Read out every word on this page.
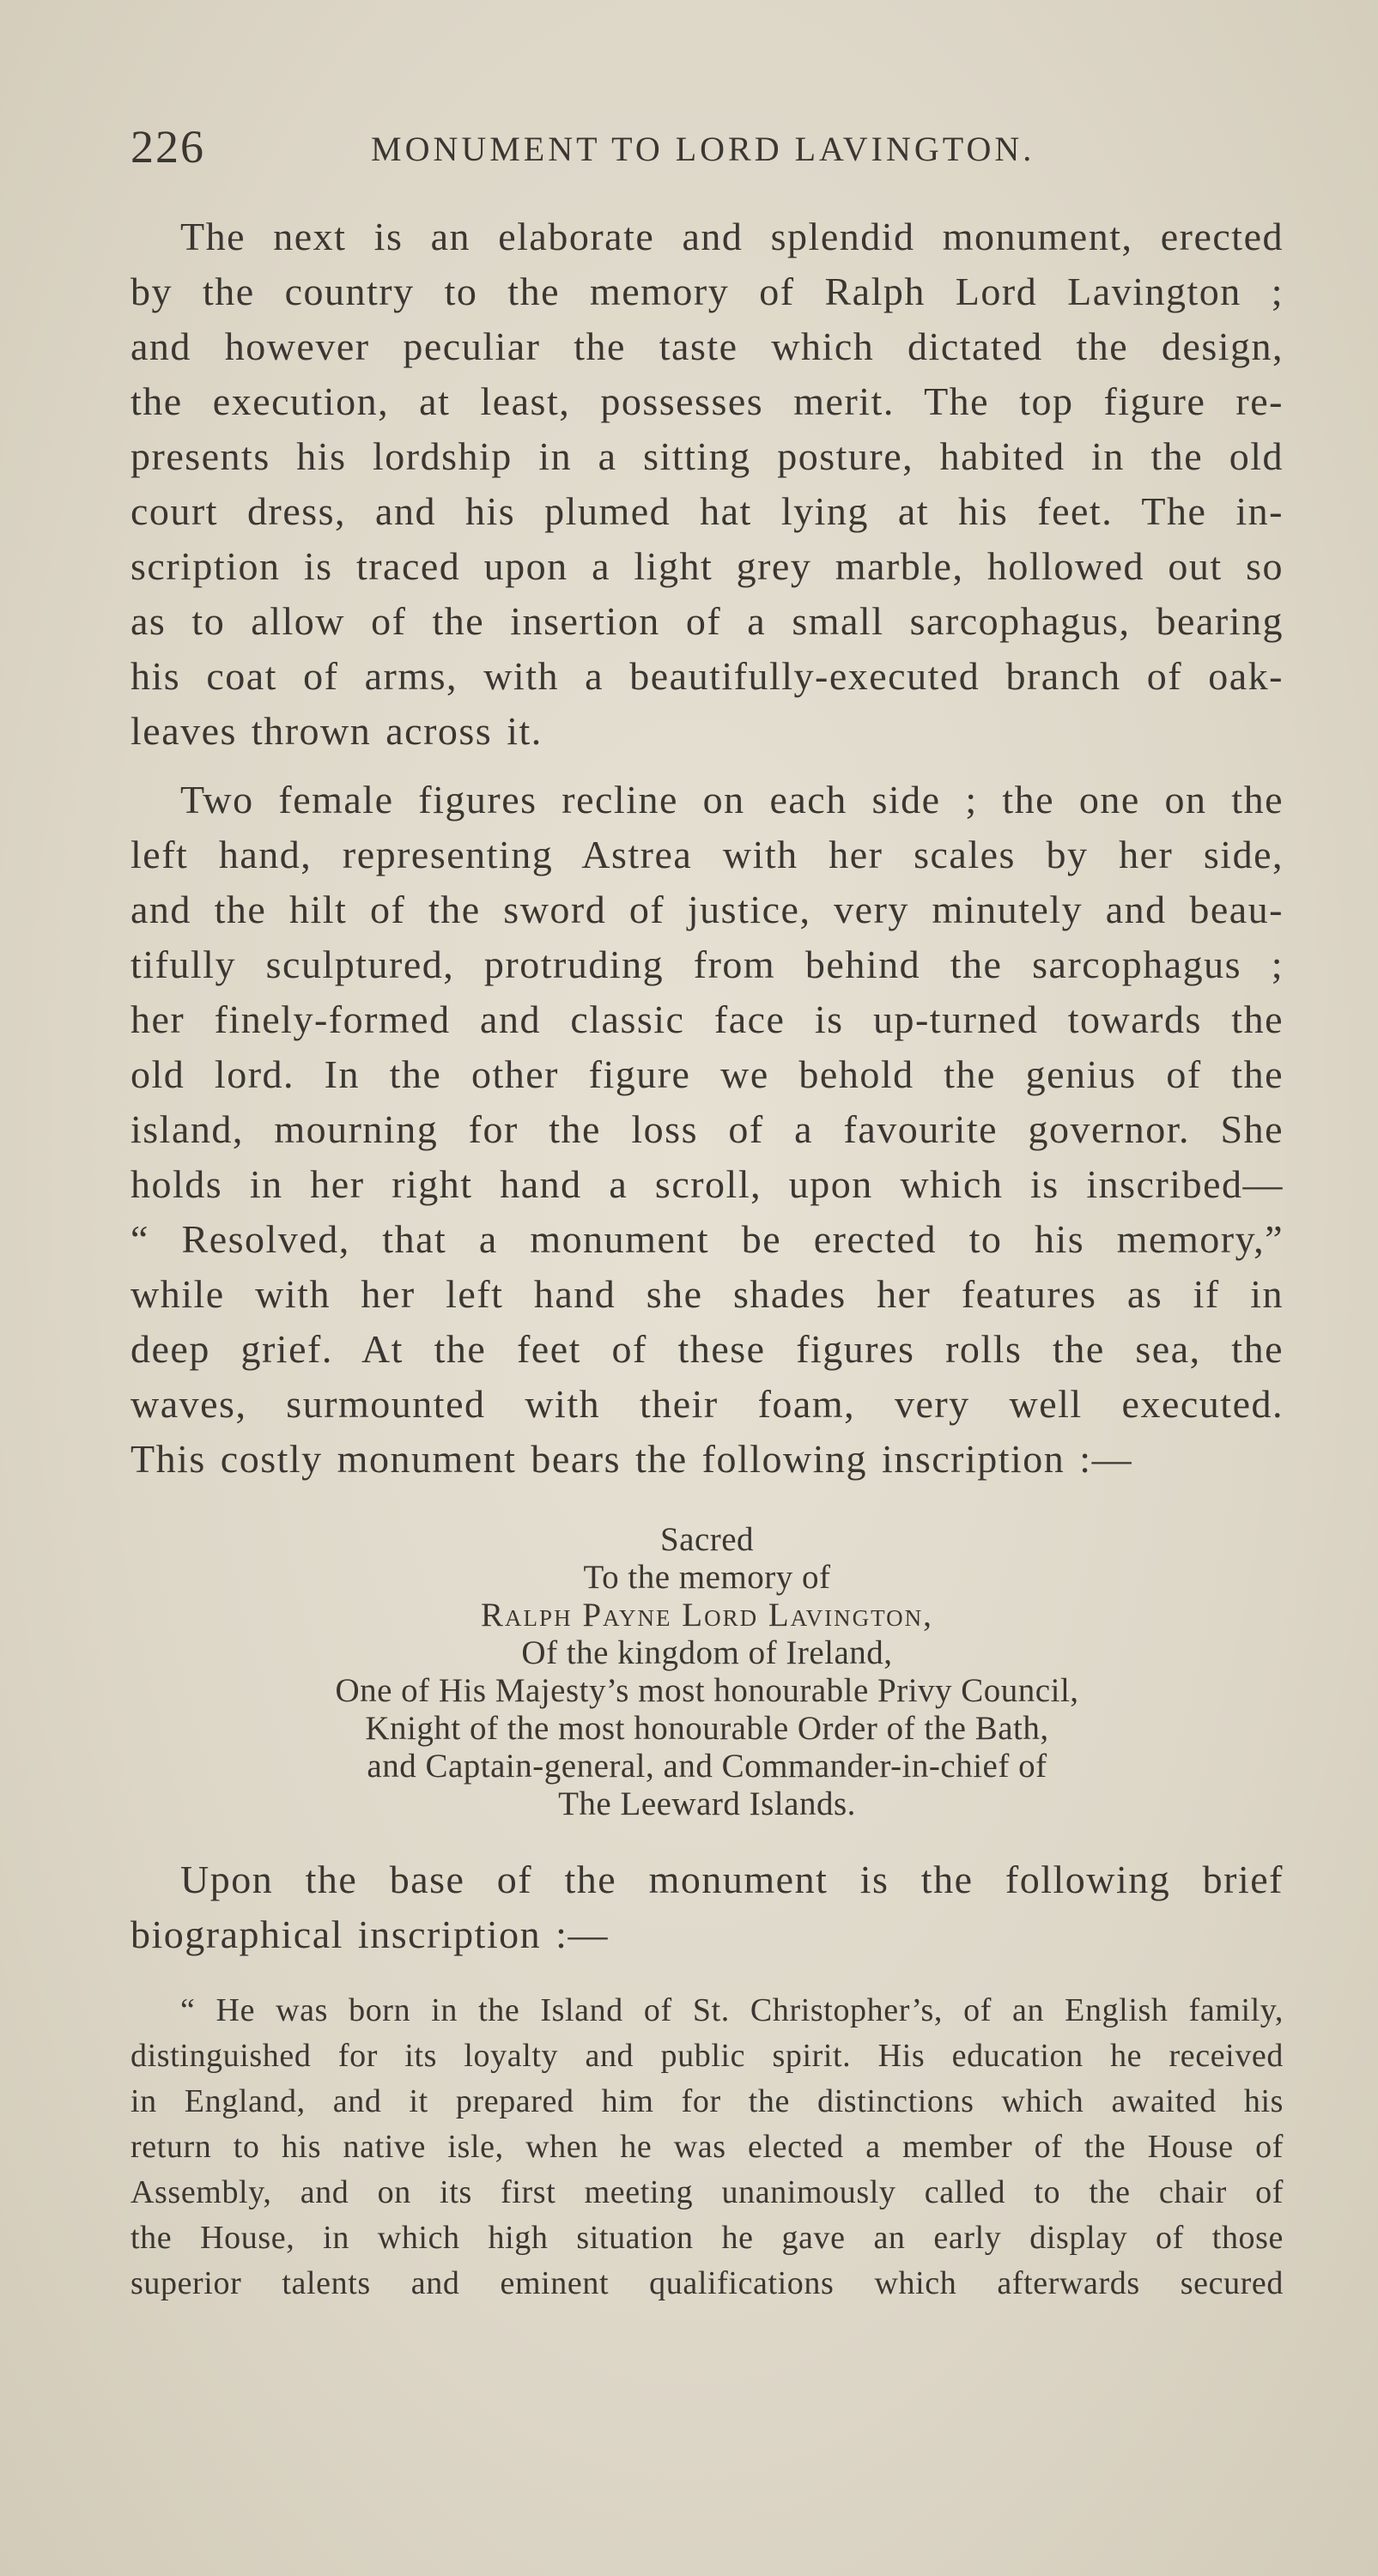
226	MONUMENT TO LORD LAVINGTON.
The next is an elaborate and splendid monument, erected
by the country to the memory of Ralph Lord Lavington ;
and however peculiar the taste which dictated the design,
the execution, at least, possesses merit. The top figure re-
presents his lordship in a sitting posture, habited in the old
court dress, and his plumed hat lying at his feet. The in-
scription is traced upon a light grey marble, hollowed out so
as to allow of the insertion of a small sarcophagus, bearing
his coat of arms, with a beautifully-executed branch of oak-
leaves thrown across it.
Two female figures recline on each side ; the one on the
left hand, representing Astrea with her scales by her side,
and the hilt of the sword of justice, very minutely and beau-
tifully sculptured, protruding from behind the sarcophagus ;
her finely-formed and classic face is up-turned towards the
old lord. In the other figure we behold the genius of the
island, mourning for the loss of a favourite governor. She
holds in her right hand a scroll, upon which is inscribed—
“ Resolved, that a monument be erected to his memory,”
while with her left hand she shades her features as if in
deep grief. At the feet of these figures rolls the sea, the
waves, surmounted with their foam, very well executed.
This costly monument bears the following inscription :—
Sacred
To the memory of
Ralph Payne Lord Lavington,
Of the kingdom of Ireland,
One of His Majesty’s most honourable Privy Council,
Knight of the most honourable Order of the Bath,
and Captain-general, and Commander-in-chief of
The Leeward Islands.
Upon the base of the monument is the following brief
biographical inscription :—
“ He was born in the Island of St. Christopher’s, of an English family,
distinguished for its loyalty and public spirit. His education he received
in England, and it prepared him for the distinctions which awaited his
return to his native isle, when he was elected a member of the House of
Assembly, and on its first meeting unanimously called to the chair of
the House, in which high situation he gave an early display of those
superior talents and eminent qualifications which afterwards secured
